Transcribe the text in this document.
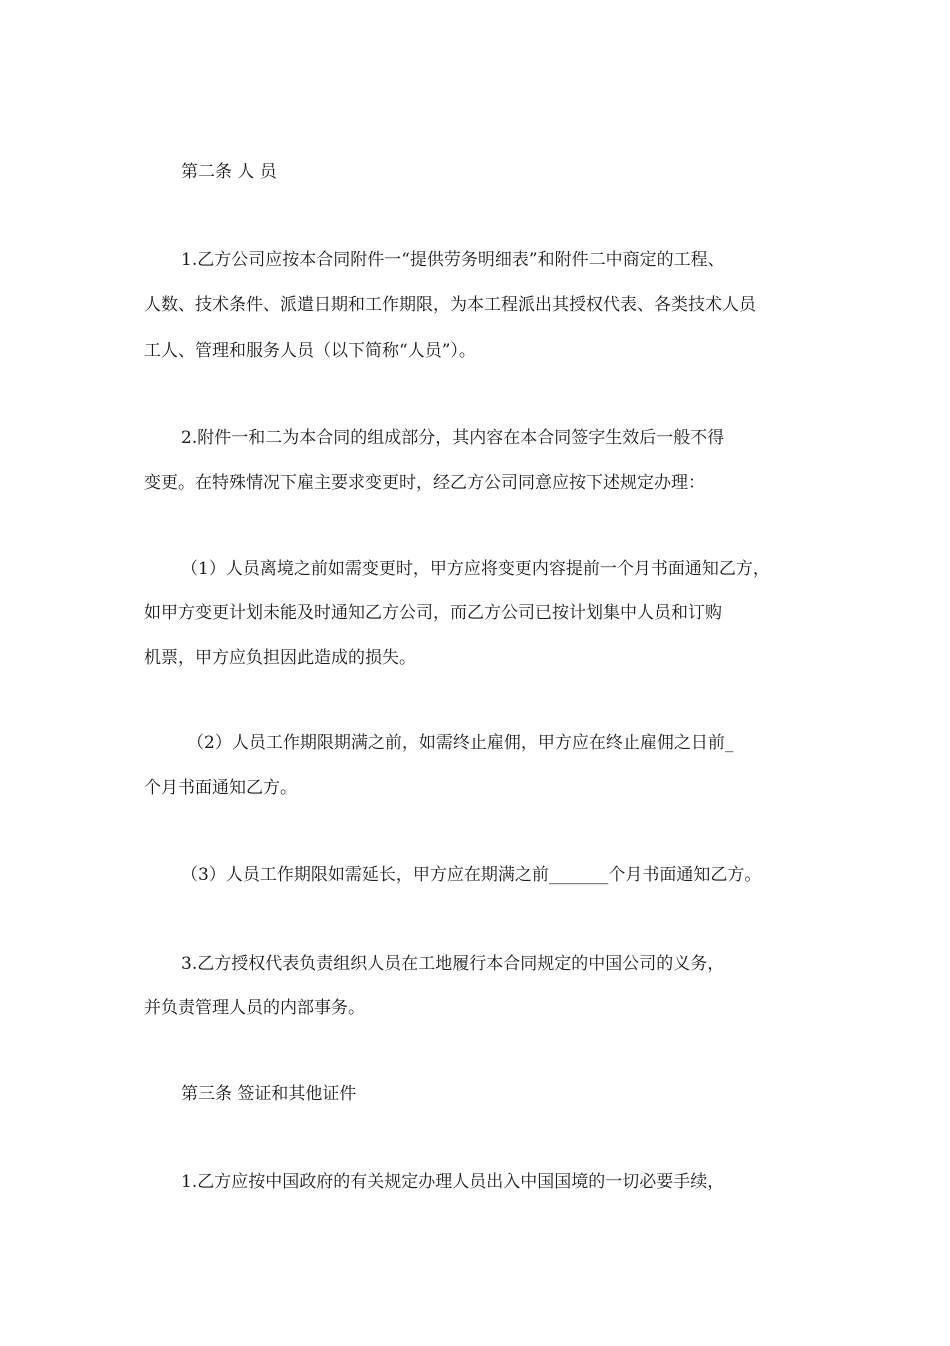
第二条 人 员
1.乙方公司应按本合同附件一“提供劳务明细表”和附件二中商定的工程、
人数、技术条件、派遣日期和工作期限，为本工程派出其授权代表、各类技术人员
工人、管理和服务人员（以下简称“人员”）。
2.附件一和二为本合同的组成部分，其内容在本合同签字生效后一般不得
变更。在特殊情况下雇主要求变更时，经乙方公司同意应按下述规定办理：
（1）人员离境之前如需变更时，甲方应将变更内容提前一个月书面通知乙方，
如甲方变更计划未能及时通知乙方公司，而乙方公司已按计划集中人员和订购
机票，甲方应负担因此造成的损失。
（2）人员工作期限期满之前，如需终止雇佣，甲方应在终止雇佣之日前_
个月书面通知乙方。
（3）人员工作期限如需延长，甲方应在期满之前_______个月书面通知乙方。
3.乙方授权代表负责组织人员在工地履行本合同规定的中国公司的义务，
并负责管理人员的内部事务。
第三条 签证和其他证件
1.乙方应按中国政府的有关规定办理人员出入中国国境的一切必要手续，
